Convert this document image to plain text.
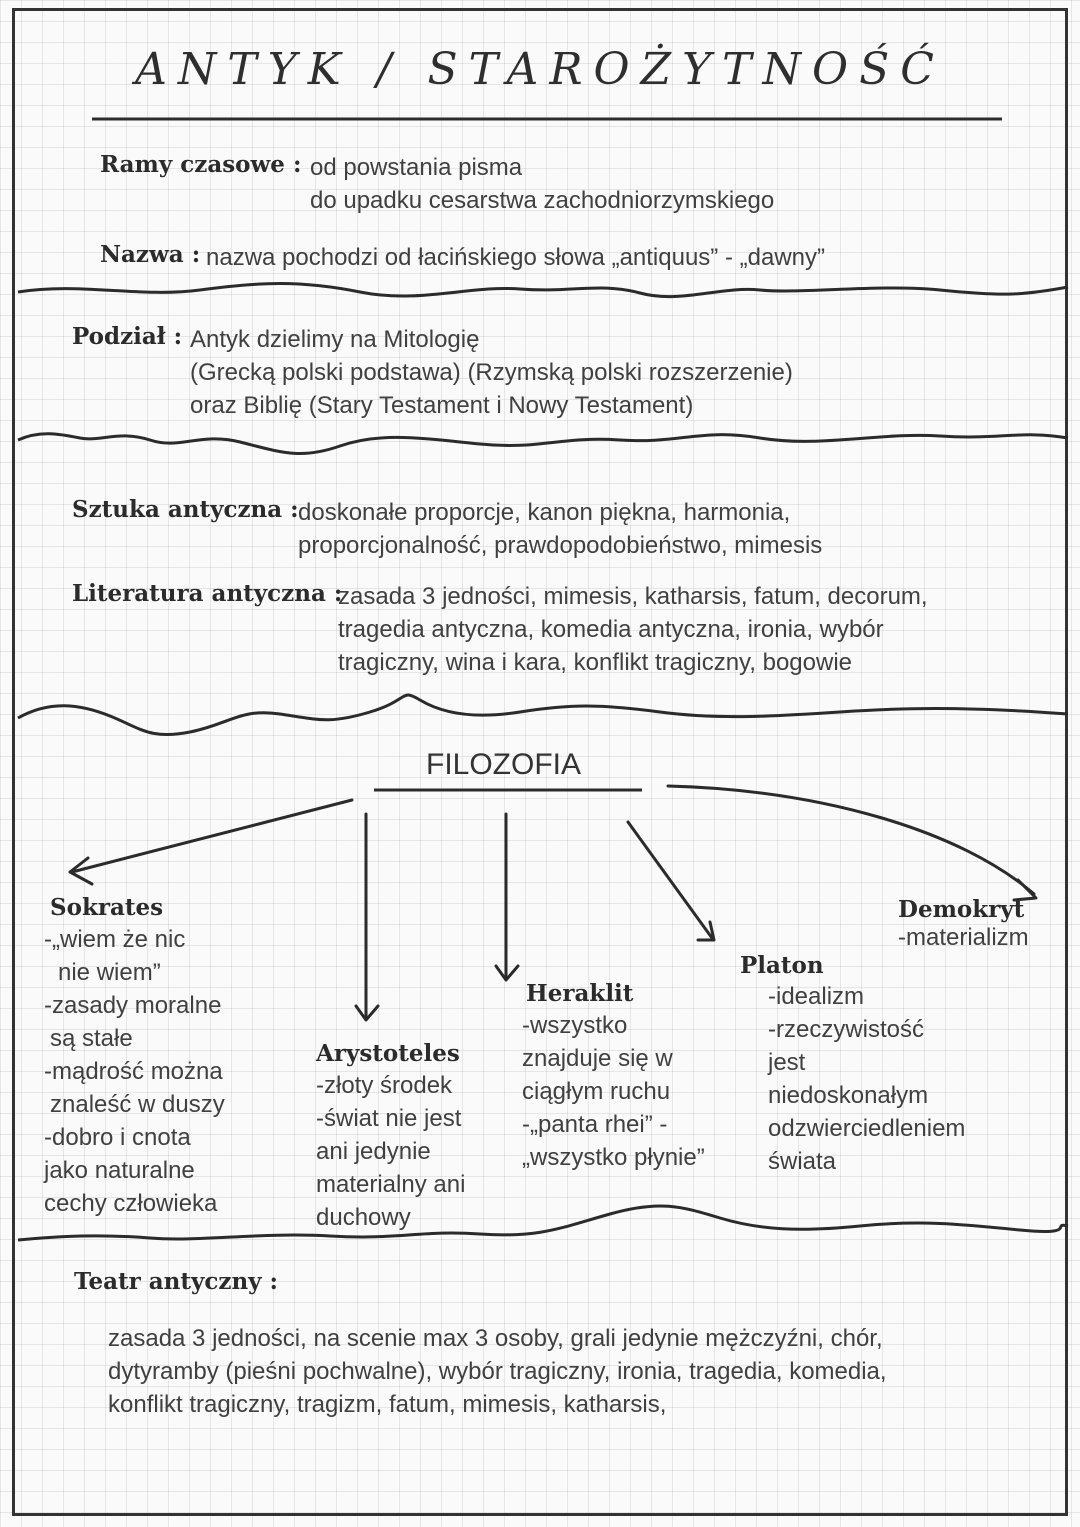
ANTYK / STAROŻYTNOŚĆ
Ramy czasowe : od powstania pisma
do upadku cesarstwa zachodniorzymskiego
Nazwa : nazwa pochodzi od łacińskiego słowa „antiquus” - „dawny”
Podział : Antyk dzielimy na Mitologię
(Grecką polski podstawa) (Rzymską polski rozszerzenie)
oraz Biblię (Stary Testament i Nowy Testament)
Sztuka antyczna : doskonałe proporcje, kanon piękna, harmonia,
proporcjonalność, prawdopodobieństwo, mimesis
Literatura antyczna :
zasada 3 jedności, mimesis, katharsis, fatum, decorum,
tragedia antyczna, komedia antyczna, ironia, wybór
tragiczny, wina i kara, konflikt tragiczny, bogowie
FILOZOFIA
Sokrates
-„wiem że nic
nie wiem”
-zasady moralne
są stałe
-mądrość można
znaleść w duszy
-dobro i cnota
jako naturalne
cechy człowieka
Arystoteles
-złoty środek
-świat nie jest
ani jedynie
materialny ani
duchowy
Heraklit
-wszystko
znajduje się w
ciągłym ruchu
-„panta rhei” -
„wszystko płynie”
Platon
-idealizm
-rzeczywistość
jest
niedoskonałym
odzwierciedleniem
świata
Demokryt
-materializm
Teatr antyczny :
zasada 3 jedności, na scenie max 3 osoby, grali jedynie mężczyźni, chór,
dytyramby (pieśni pochwalne), wybór tragiczny, ironia, tragedia, komedia,
konflikt tragiczny, tragizm, fatum, mimesis, katharsis,
